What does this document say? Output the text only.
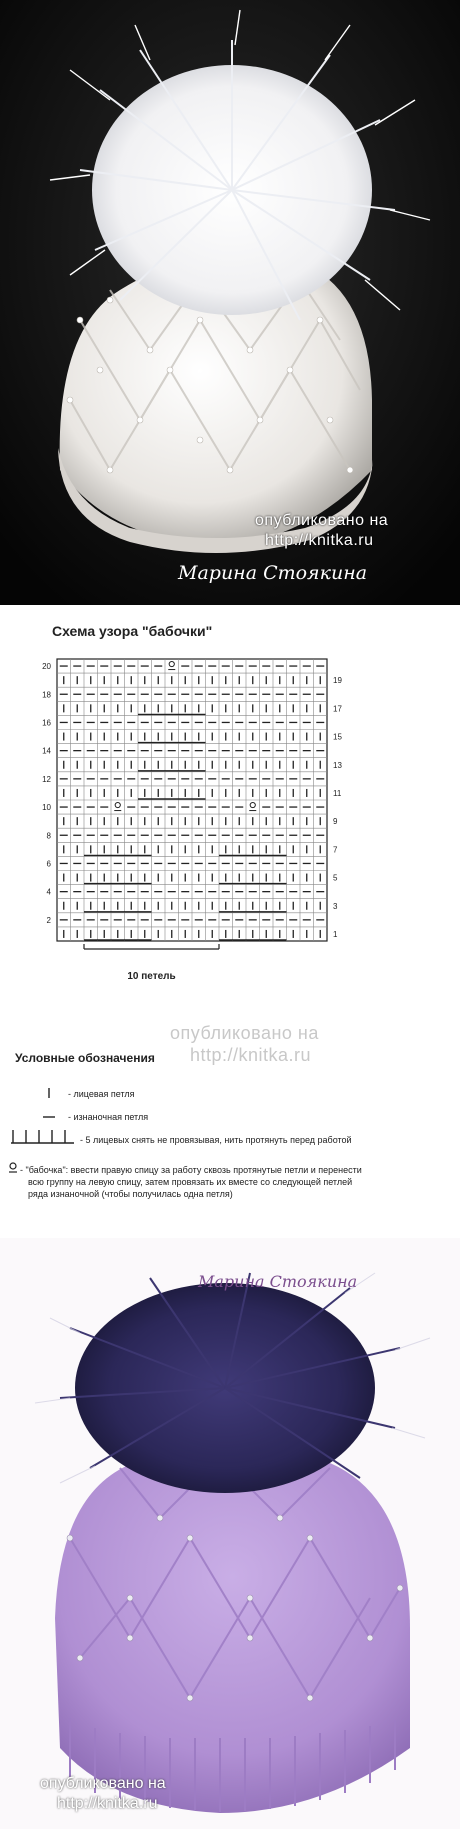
опубликовано на
http://knitka.ru
Марина Стоякина
Схема узора "бабочки"
20
18
16
14
12
10
8
6
4
2
19
17
15
13
11
9
7
5
3
1
10 петель
опубликовано на
http://knitka.ru
Условные обозначения
- лицевая петля
- изнаночная петля
- 5 лицевых снять не провязывая, нить протянуть перед работой
- "бабочка": ввести правую спицу за работу сквозь протянутые петли и перенести
всю группу на левую спицу, затем провязать их вместе со следующей петлей
ряда изнаночной (чтобы получилась одна петля)
Марина Стоякина
опубликовано на
http://knitka.ru
